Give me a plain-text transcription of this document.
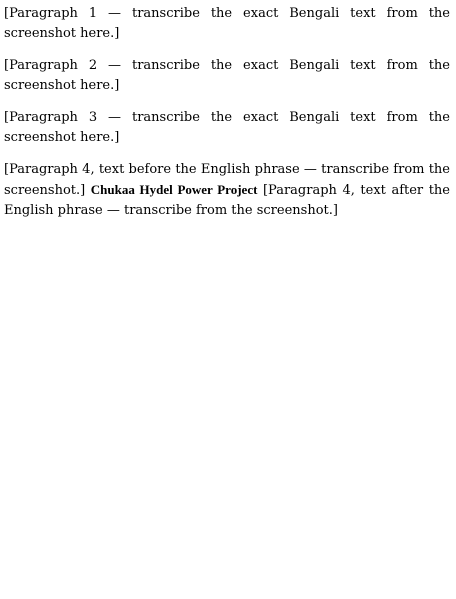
[Paragraph 1 — transcribe the exact Bengali text from the screenshot here.]

[Paragraph 2 — transcribe the exact Bengali text from the screenshot here.]

[Paragraph 3 — transcribe the exact Bengali text from the screenshot here.]

[Paragraph 4, text before the English phrase — transcribe from the screenshot.] Chukaa Hydel Power Project [Paragraph 4, text after the English phrase — transcribe from the screenshot.]
